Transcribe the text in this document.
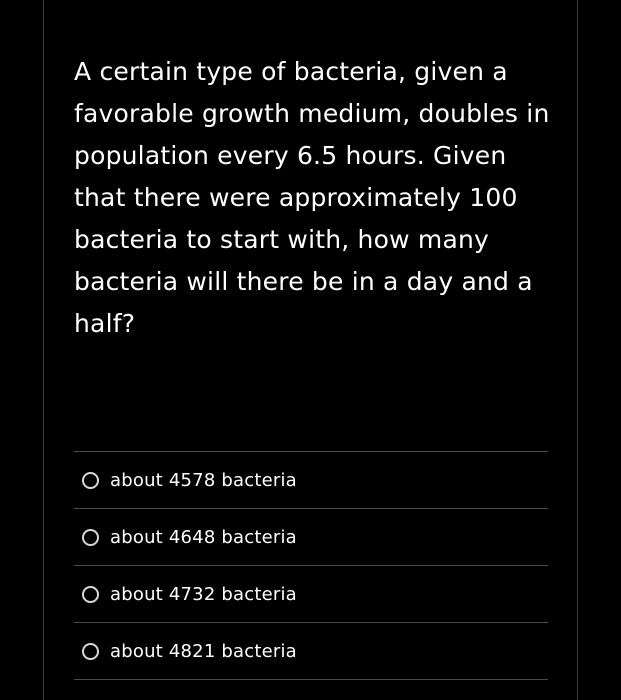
A certain type of bacteria, given a favorable growth medium, doubles in population every 6.5 hours. Given that there were approximately 100 bacteria to start with, how many bacteria will there be in a day and a half?

about 4578 bacteria
about 4648 bacteria
about 4732 bacteria
about 4821 bacteria
